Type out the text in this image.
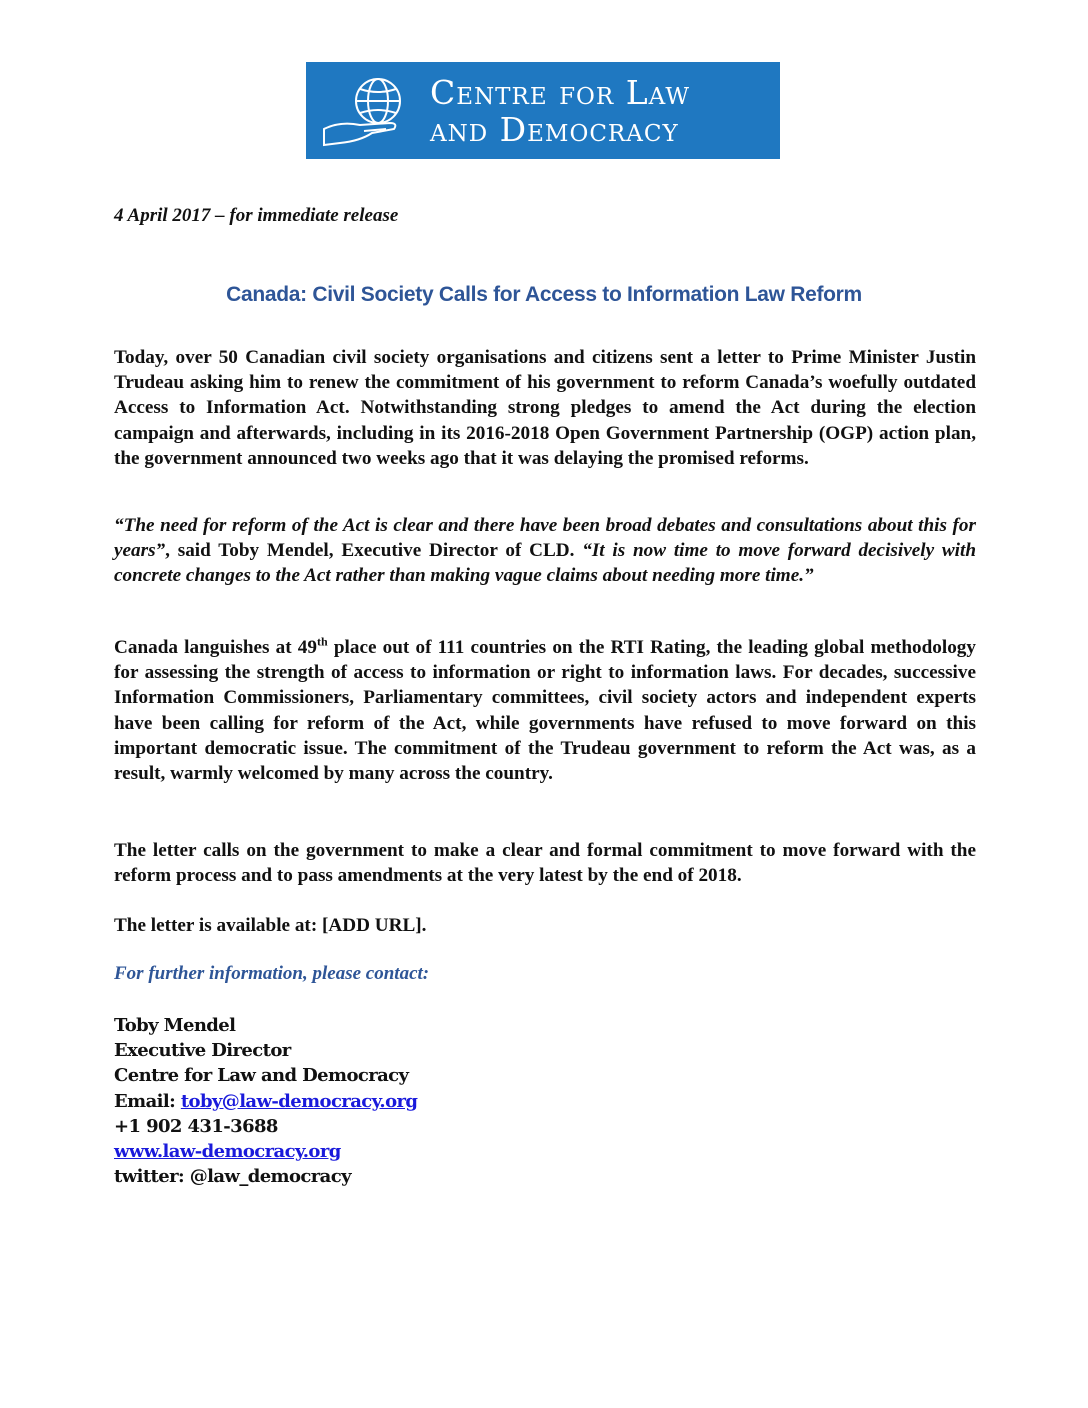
Centre for Law
and Democracy
4 April 2017 – for immediate release
Canada: Civil Society Calls for Access to Information Law Reform
Today, over 50 Canadian civil society organisations and citizens sent a letter to Prime Minister Justin Trudeau asking him to renew the commitment of his government to reform Canada’s woefully outdated Access to Information Act. Notwithstanding strong pledges to amend the Act during the election campaign and afterwards, including in its 2016-2018 Open Government Partnership (OGP) action plan, the government announced two weeks ago that it was delaying the promised reforms.
“The need for reform of the Act is clear and there have been broad debates and consultations about this for years”, said Toby Mendel, Executive Director of CLD. “It is now time to move forward decisively with concrete changes to the Act rather than making vague claims about needing more time.”
Canada languishes at 49th place out of 111 countries on the RTI Rating, the leading global methodology for assessing the strength of access to information or right to information laws. For decades, successive Information Commissioners, Parliamentary committees, civil society actors and independent experts have been calling for reform of the Act, while governments have refused to move forward on this important democratic issue. The commitment of the Trudeau government to reform the Act was, as a result, warmly welcomed by many across the country.
The letter calls on the government to make a clear and formal commitment to move forward with the reform process and to pass amendments at the very latest by the end of 2018.
The letter is available at: [ADD URL].
For further information, please contact:
Toby Mendel
Executive Director
Centre for Law and Democracy
Email: toby@law-democracy.org
+1 902 431-3688
www.law-democracy.org
twitter: @law_democracy
